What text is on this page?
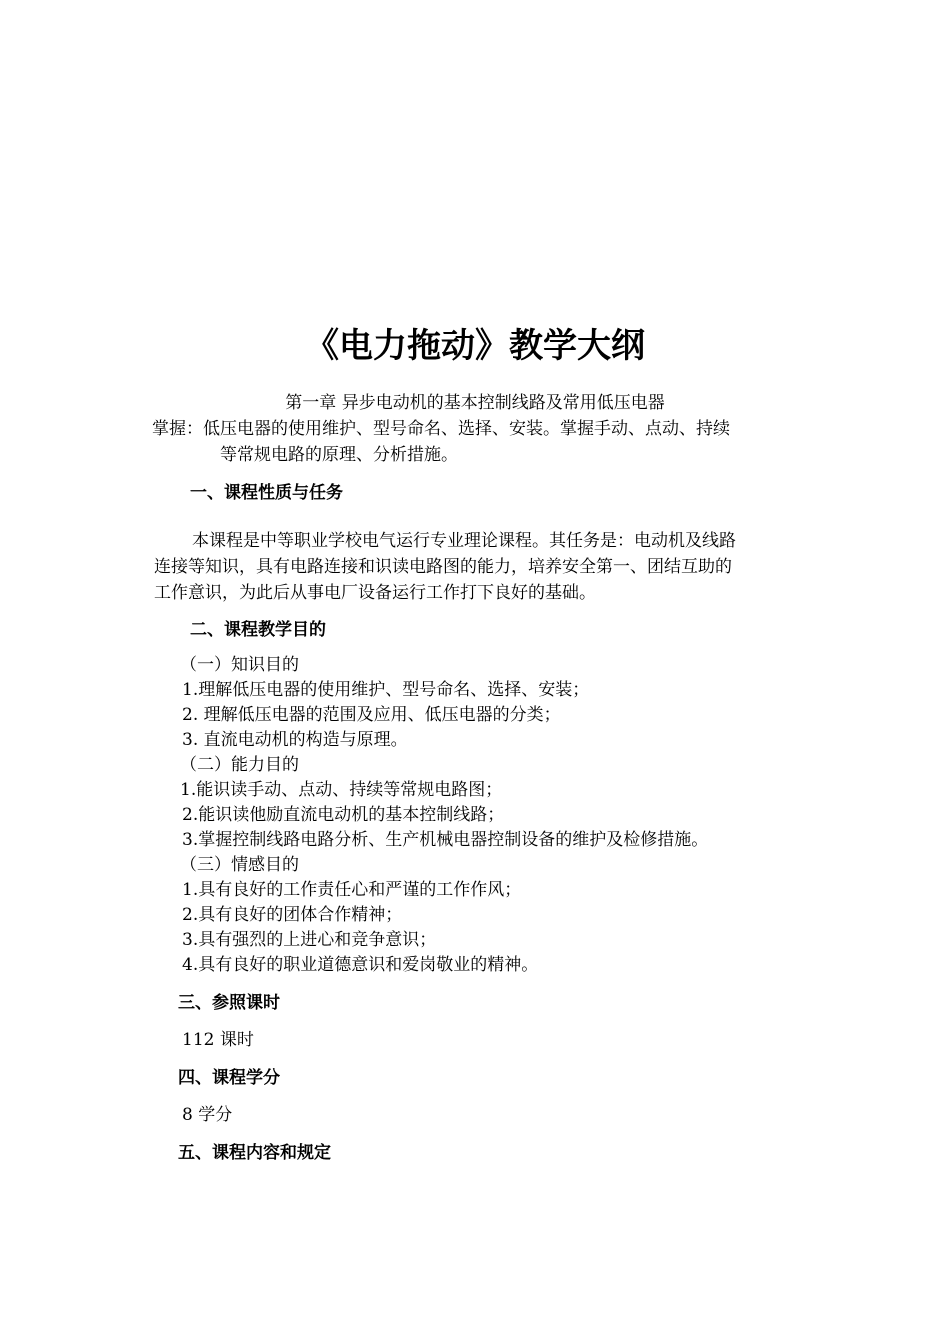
《电力拖动》教学大纲
第一章 异步电动机的基本控制线路及常用低压电器
掌握：低压电器的使用维护、型号命名、选择、安装。掌握手动、点动、持续
等常规电路的原理、分析措施。
一、课程性质与任务
本课程是中等职业学校电气运行专业理论课程。其任务是：电动机及线路
连接等知识，具有电路连接和识读电路图的能力，培养安全第一、团结互助的
工作意识，为此后从事电厂设备运行工作打下良好的基础。
二、课程教学目的
（一）知识目的
1.理解低压电器的使用维护、型号命名、选择、安装；
2. 理解低压电器的范围及应用、低压电器的分类；
3. 直流电动机的构造与原理。
（二）能力目的
1.能识读手动、点动、持续等常规电路图；
2.能识读他励直流电动机的基本控制线路；
3.掌握控制线路电路分析、生产机械电器控制设备的维护及检修措施。
（三）情感目的
1.具有良好的工作责任心和严谨的工作作风；
2.具有良好的团体合作精神；
3.具有强烈的上进心和竞争意识；
4.具有良好的职业道德意识和爱岗敬业的精神。
三、参照课时
112 课时
四、课程学分
8 学分
五、课程内容和规定
